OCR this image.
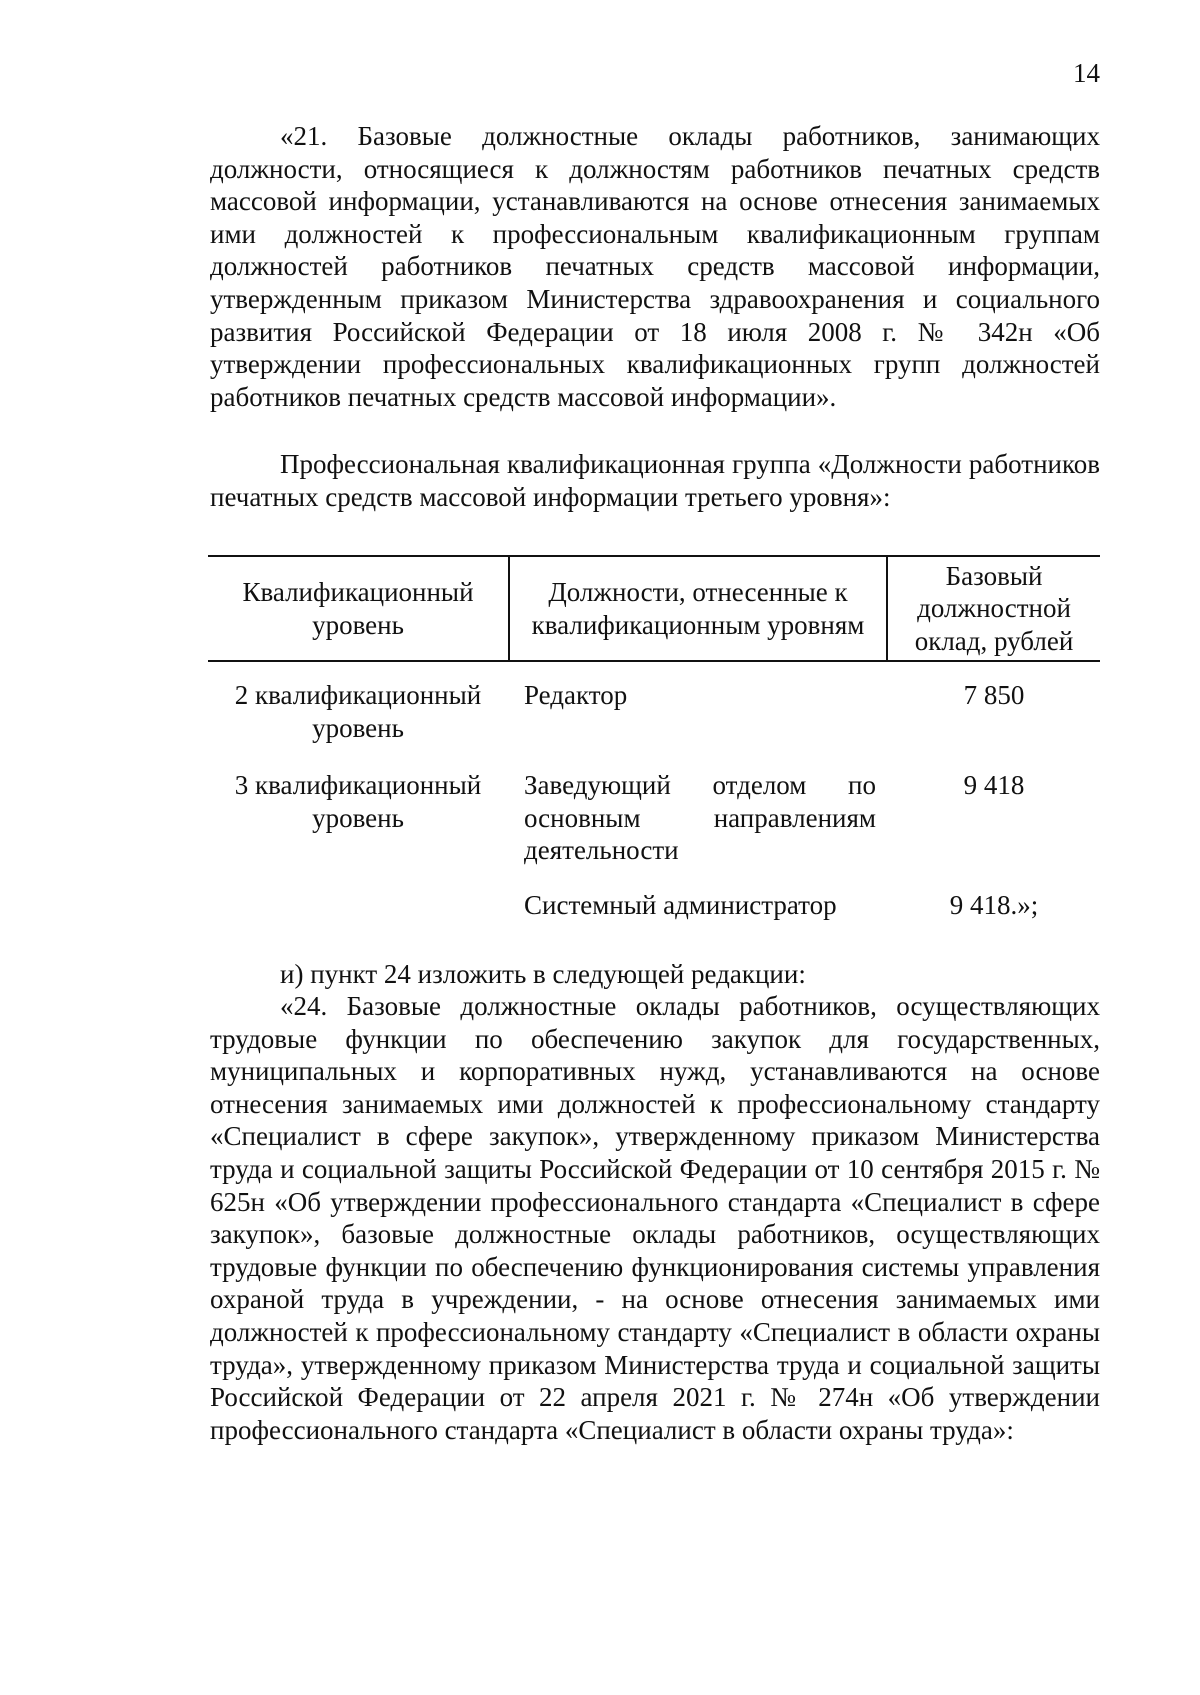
14

«21. Базовые должностные оклады работников, занимающих должности, относящиеся к должностям работников печатных средств массовой информации, устанавливаются на основе отнесения занимаемых ими должностей к профессиональным квалификационным группам должностей работников печатных средств массовой информации, утвержденным приказом Министерства здравоохранения и социального развития Российской Федерации от 18 июля 2008 г. № 342н «Об утверждении профессиональных квалификационных групп должностей работников печатных средств массовой информации».

Профессиональная квалификационная группа «Должности работников печатных средств массовой информации третьего уровня»:

Квалификационный уровень
Должности, отнесенные к квалификационным уровням
Базовый должностной оклад, рублей
2 квалификационный уровень
Редактор	7 850
3 квалификационный уровень
Заведующий отделом по основным направлениям деятельности
9 418
Системный администратор	9 418.»;

и) пункт 24 изложить в следующей редакции:

«24. Базовые должностные оклады работников, осуществляющих трудовые функции по обеспечению закупок для государственных, муниципальных и корпоративных нужд, устанавливаются на основе отнесения занимаемых ими должностей к профессиональному стандарту «Специалист в сфере закупок», утвержденному приказом Министерства труда и социальной защиты Российской Федерации от 10 сентября 2015 г. № 625н «Об утверждении профессионального стандарта «Специалист в сфере закупок», базовые должностные оклады работников, осуществляющих трудовые функции по обеспечению функционирования системы управления охраной труда в учреждении, - на основе отнесения занимаемых ими должностей к профессиональному стандарту «Специалист в области охраны труда», утвержденному приказом Министерства труда и социальной защиты Российской Федерации от 22 апреля 2021 г. № 274н «Об утверждении профессионального стандарта «Специалист в области охраны труда»:
